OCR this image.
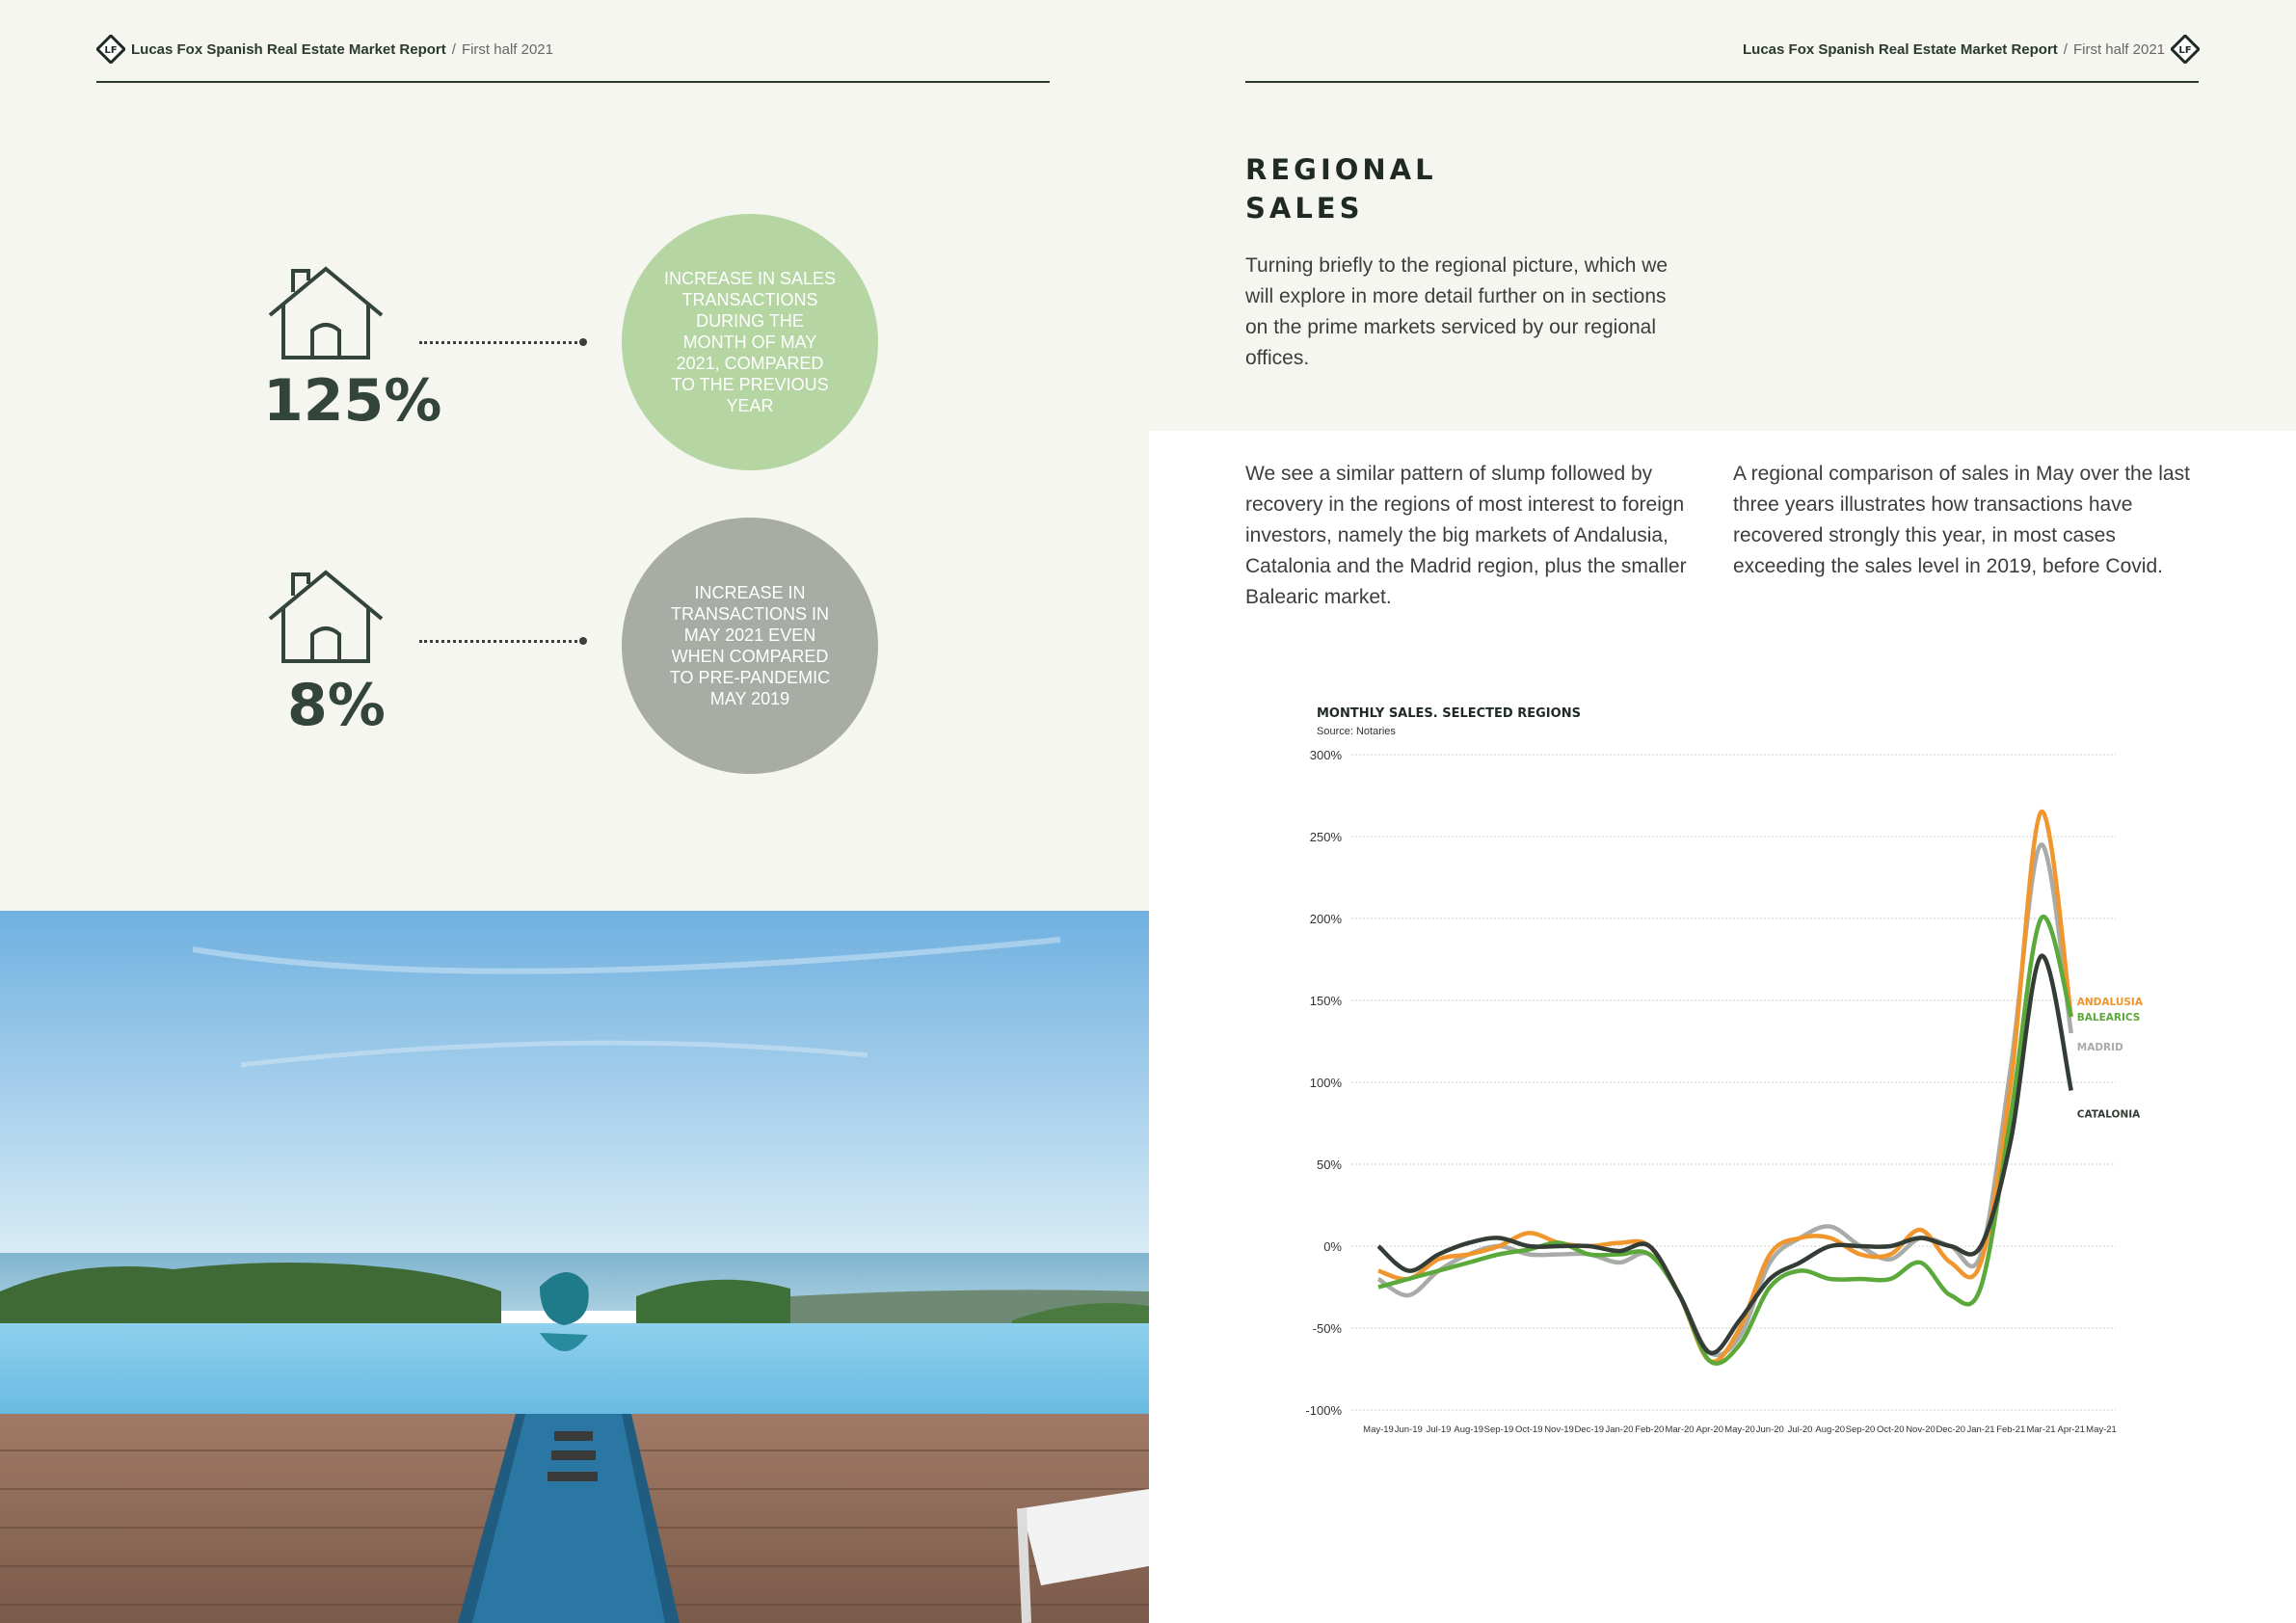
LF Lucas Fox Spanish Real Estate Market Report / First half 2021	Lucas Fox Spanish Real Estate Market Report / First half 2021 LF
125%
INCREASE IN SALES TRANSACTIONS DURING THE MONTH OF MAY 2021, COMPARED TO THE PREVIOUS YEAR
8%
INCREASE IN TRANSACTIONS IN MAY 2021 EVEN WHEN COMPARED TO PRE-PANDEMIC MAY 2019
REGIONAL
SALES
Turning briefly to the regional picture, which we will explore in more detail further on in sections on the prime markets serviced by our regional offices.
We see a similar pattern of slump followed by recovery in the regions of most interest to foreign investors, namely the big markets of Andalusia, Catalonia and the Madrid region, plus the smaller Balearic market.
A regional comparison of sales in May over the last three years illustrates how transactions have recovered strongly this year, in most cases exceeding the sales level in 2019, before Covid.
MONTHLY SALES. SELECTED REGIONS
Source: Notaries
300%
250%
200%
150%
100%
50%
0%
-50%
-100%
May-19 Jun-19 Jul-19 Aug-19 Sep-19 Oct-19 Nov-19 Dec-19 Jan-20 Feb-20 Mar-20 Apr-20 May-20 Jun-20 Jul-20 Aug-20 Sep-20 Oct-20 Nov-20 Dec-20 Jan-21 Feb-21 Mar-21 Apr-21 May-21
MADRID
ANDALUSIA
BALEARICS
CATALONIA
